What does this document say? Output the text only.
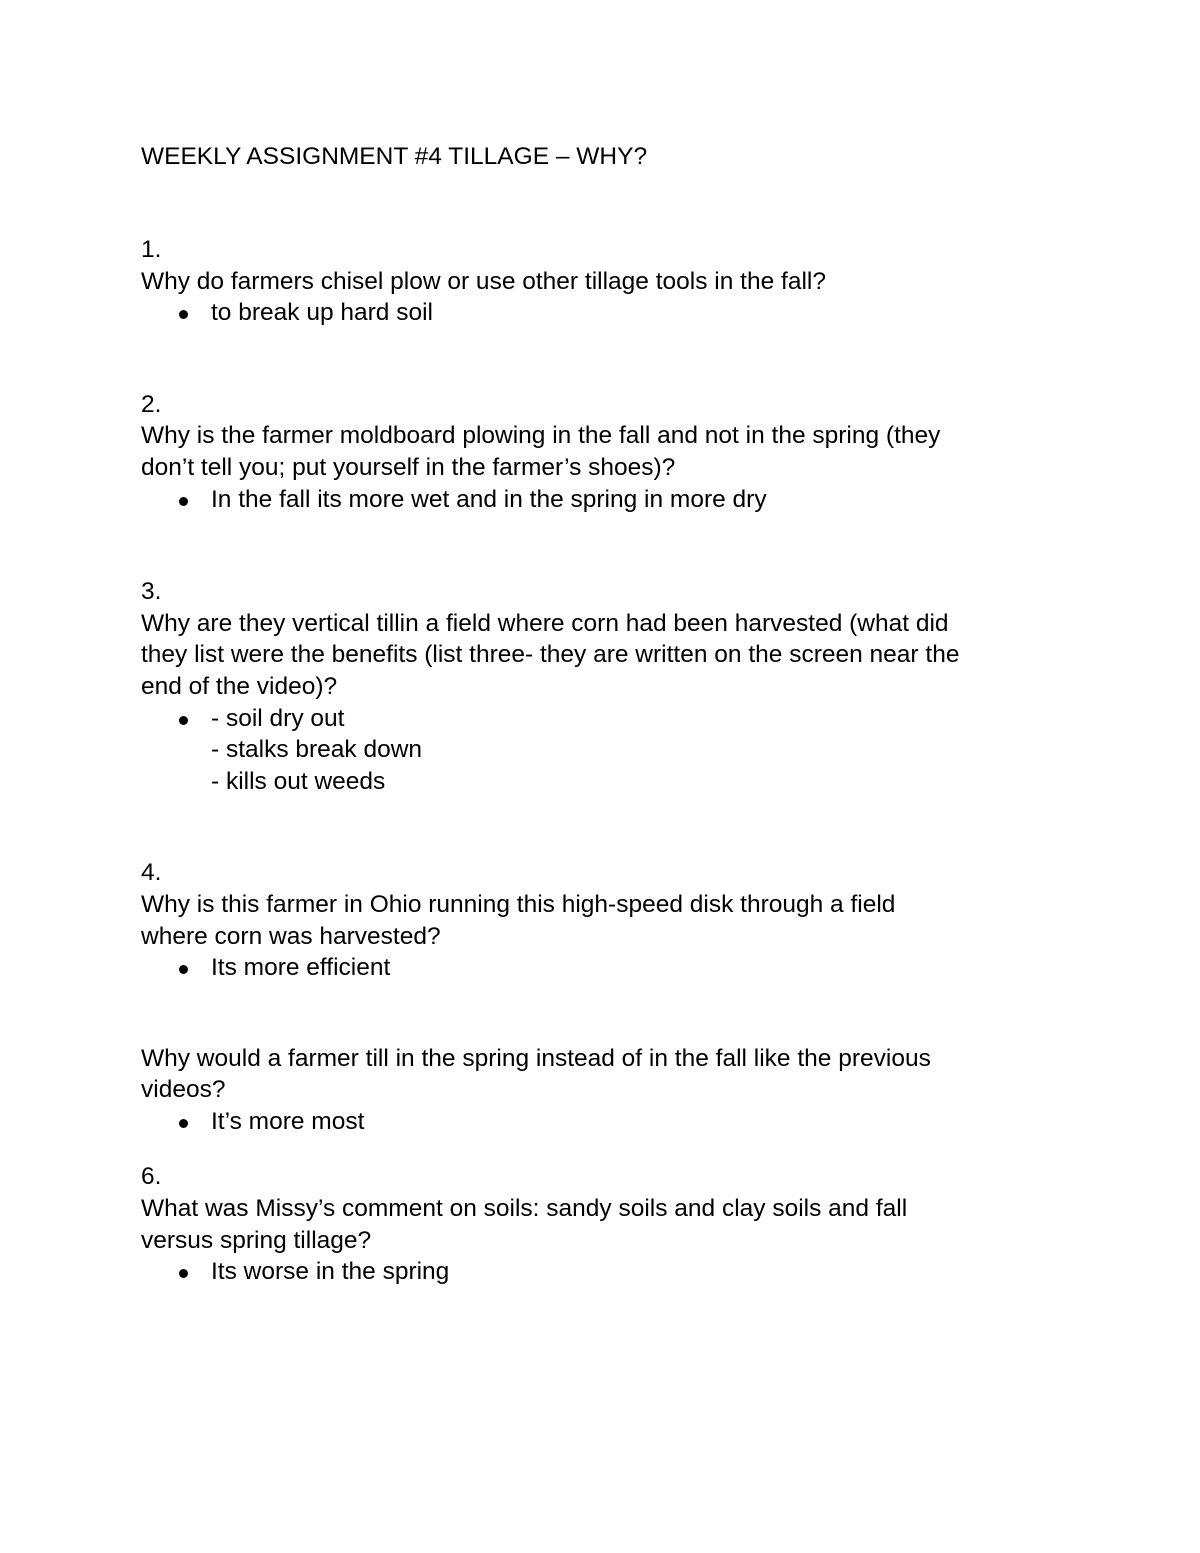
WEEKLY ASSIGNMENT #4 TILLAGE – WHY?
1.
Why do farmers chisel plow or use other tillage tools in the fall?
to break up hard soil
2.
Why is the farmer moldboard plowing in the fall and not in the spring (they
don’t tell you; put yourself in the farmer’s shoes)?
In the fall its more wet and in the spring in more dry
3.
Why are they vertical tillin a field where corn had been harvested (what did
they list were the benefits (list three- they are written on the screen near the
end of the video)?
- soil dry out
- stalks break down
- kills out weeds
4.
Why is this farmer in Ohio running this high-speed disk through a field
where corn was harvested?
Its more efficient
Why would a farmer till in the spring instead of in the fall like the previous
videos?
It’s more most
6.
What was Missy’s comment on soils: sandy soils and clay soils and fall
versus spring tillage?
Its worse in the spring
